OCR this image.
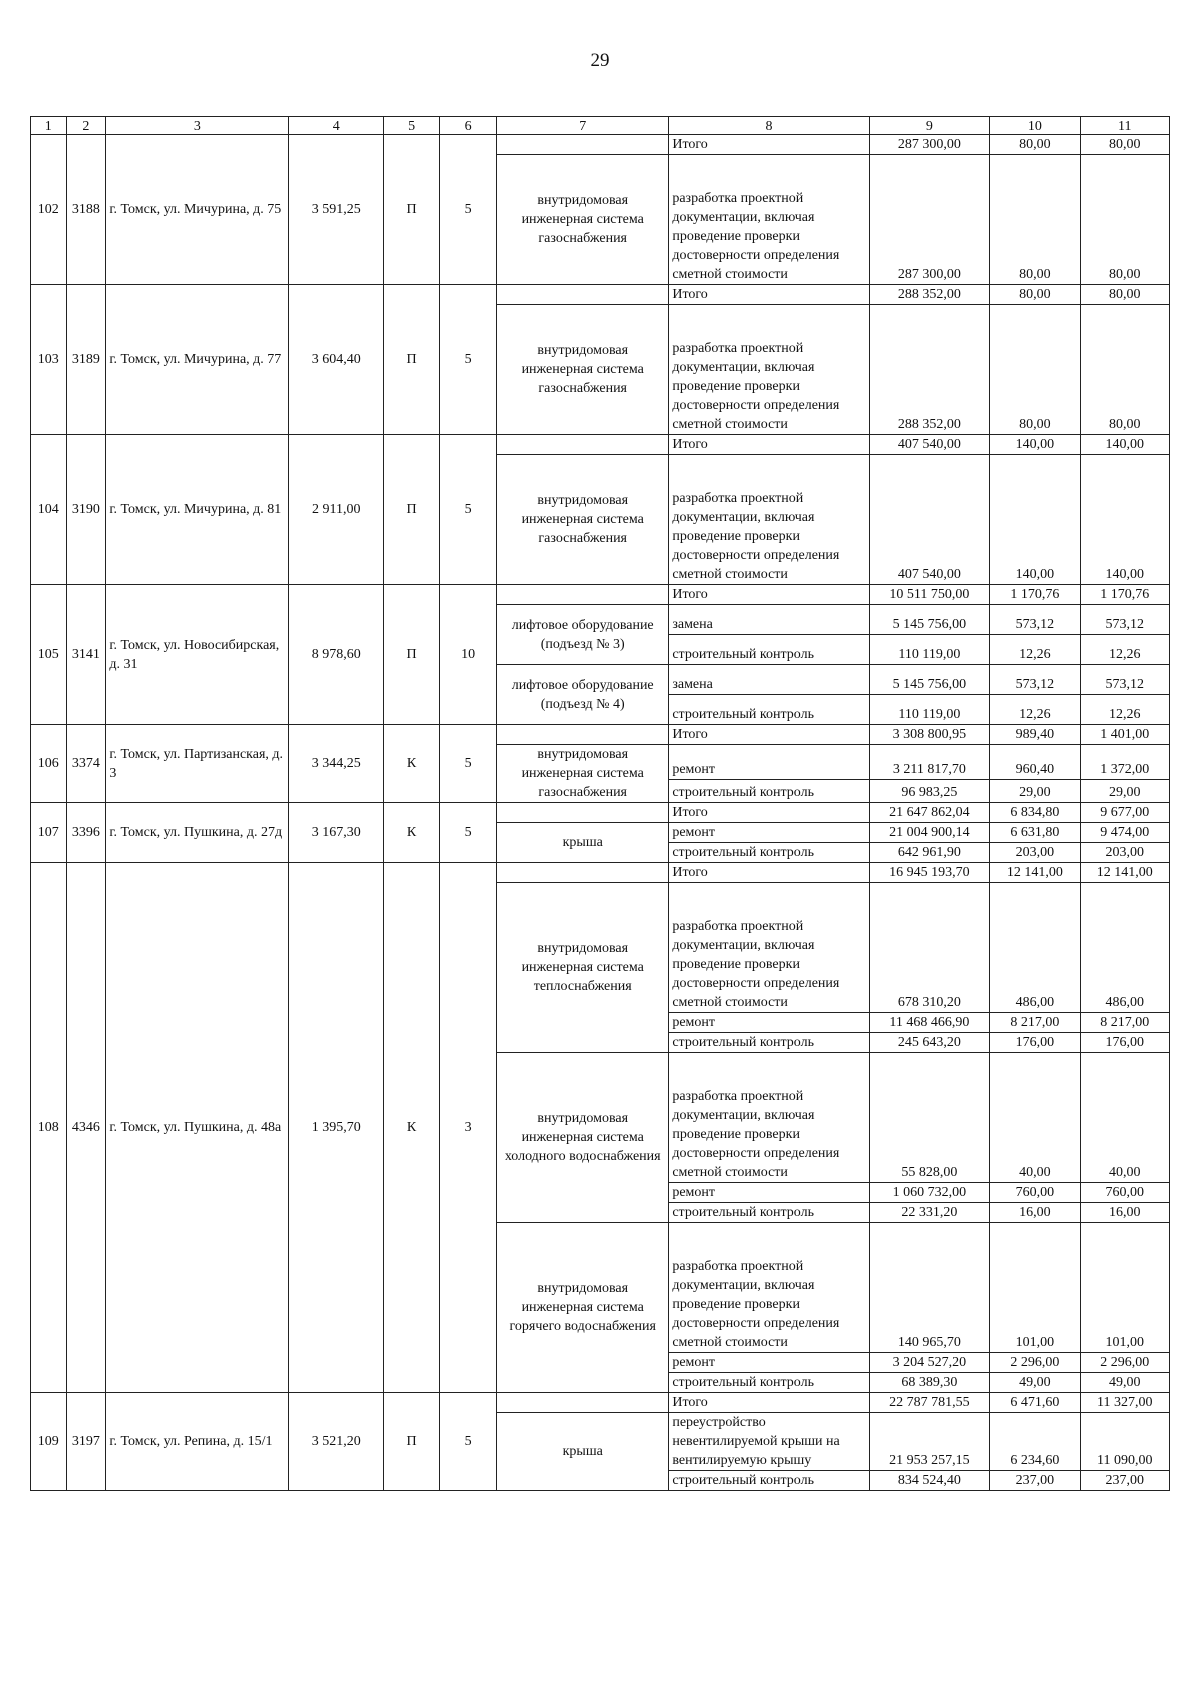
29
1	2	3	4	5	6	7	8	9	10	11
102	3188	г. Томск, ул. Мичурина, д. 75	3 591,25	П	5		Итого	287 300,00	80,00	80,00
						внутридомовая инженерная система газоснабжения	разработка проектной документации, включая проведение проверки достоверности определения сметной стоимости	287 300,00	80,00	80,00
103	3189	г. Томск, ул. Мичурина, д. 77	3 604,40	П	5		Итого	288 352,00	80,00	80,00
						внутридомовая инженерная система газоснабжения	разработка проектной документации, включая проведение проверки достоверности определения сметной стоимости	288 352,00	80,00	80,00
104	3190	г. Томск, ул. Мичурина, д. 81	2 911,00	П	5		Итого	407 540,00	140,00	140,00
						внутридомовая инженерная система газоснабжения	разработка проектной документации, включая проведение проверки достоверности определения сметной стоимости	407 540,00	140,00	140,00
105	3141	г. Томск, ул. Новосибирская, д. 31	8 978,60	П	10		Итого	10 511 750,00	1 170,76	1 170,76
						лифтовое оборудование (подъезд № 3)	замена	5 145 756,00	573,12	573,12
							строительный контроль	110 119,00	12,26	12,26
						лифтовое оборудование (подъезд № 4)	замена	5 145 756,00	573,12	573,12
							строительный контроль	110 119,00	12,26	12,26
106	3374	г. Томск, ул. Партизанская, д. 3	3 344,25	К	5		Итого	3 308 800,95	989,40	1 401,00
						внутридомовая инженерная система газоснабжения	ремонт	3 211 817,70	960,40	1 372,00
							строительный контроль	96 983,25	29,00	29,00
107	3396	г. Томск, ул. Пушкина, д. 27д	3 167,30	К	5		Итого	21 647 862,04	6 834,80	9 677,00
						крыша	ремонт	21 004 900,14	6 631,80	9 474,00
							строительный контроль	642 961,90	203,00	203,00
108	4346	г. Томск, ул. Пушкина, д. 48а	1 395,70	К	3		Итого	16 945 193,70	12 141,00	12 141,00
						внутридомовая инженерная система теплоснабжения	разработка проектной документации, включая проведение проверки достоверности определения сметной стоимости	678 310,20	486,00	486,00
							ремонт	11 468 466,90	8 217,00	8 217,00
							строительный контроль	245 643,20	176,00	176,00
						внутридомовая инженерная система холодного водоснабжения	разработка проектной документации, включая проведение проверки достоверности определения сметной стоимости	55 828,00	40,00	40,00
							ремонт	1 060 732,00	760,00	760,00
							строительный контроль	22 331,20	16,00	16,00
						внутридомовая инженерная система горячего водоснабжения	разработка проектной документации, включая проведение проверки достоверности определения сметной стоимости	140 965,70	101,00	101,00
							ремонт	3 204 527,20	2 296,00	2 296,00
							строительный контроль	68 389,30	49,00	49,00
109	3197	г. Томск, ул. Репина, д. 15/1	3 521,20	П	5		Итого	22 787 781,55	6 471,60	11 327,00
						крыша	переустройство невентилируемой крыши на вентилируемую крышу	21 953 257,15	6 234,60	11 090,00
							строительный контроль	834 524,40	237,00	237,00
